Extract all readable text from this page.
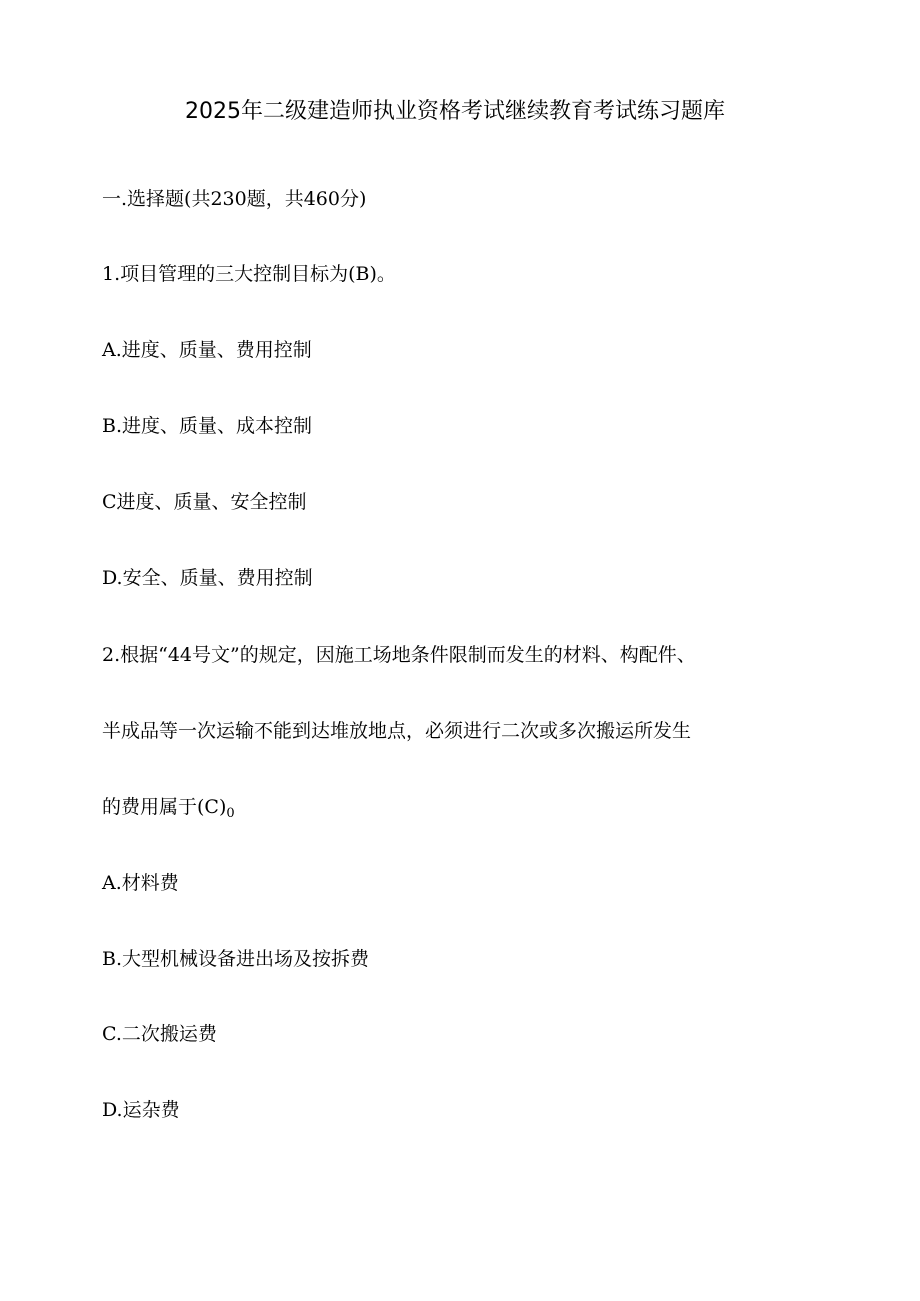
2025年二级建造师执业资格考试继续教育考试练习题库
一.选择题(共230题，共460分)
1.项目管理的三大控制目标为(B)。
A.进度、质量、费用控制
B.进度、质量、成本控制
C进度、质量、安全控制
D.安全、质量、费用控制
2.根据“44号文”的规定，因施工场地条件限制而发生的材料、构配件、
半成品等一次运输不能到达堆放地点，必须进行二次或多次搬运所发生
的费用属于$(C)_0$
A.材料费
B.大型机械设备进出场及按拆费
C.二次搬运费
D.运杂费
